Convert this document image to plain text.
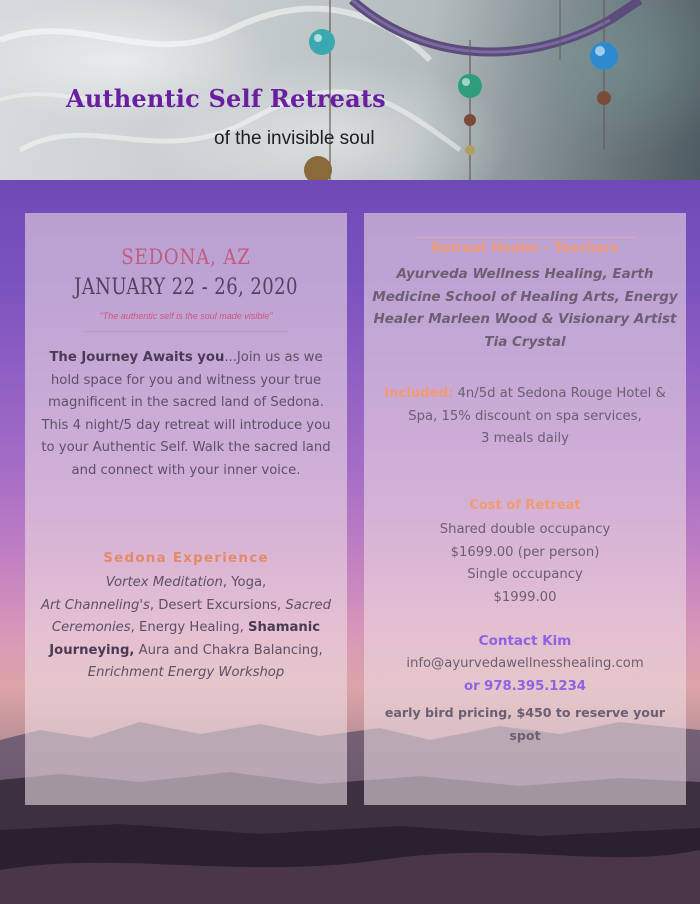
Authentic Self Retreats
of the invisible soul
SEDONA, AZ
JANUARY 22 - 26, 2020
"The authentic self is the soul made visible"
The Journey Awaits you...Join us as we hold space for you and witness your true magnificent in the sacred land of Sedona. This 4 night/5 day retreat will introduce you to your Authentic Self. Walk the sacred land and connect with your inner voice.
Sedona Experience
Vortex Meditation, Yoga,
Art Channeling's, Desert Excursions, Sacred Ceremonies, Energy Healing, Shamanic Journeying, Aura and Chakra Balancing, Enrichment Energy Workshop
Retreat Healer - Teachers
Ayurveda Wellness Healing, Earth Medicine School of Healing Arts, Energy Healer Marleen Wood & Visionary Artist Tia Crystal
Included: 4n/5d at Sedona Rouge Hotel & Spa, 15% discount on spa services,
3 meals daily
Cost of Retreat
Shared double occupancy
$1699.00 (per person)
Single occupancy
$1999.00
Contact Kim
info@ayurvedawellnesshealing.com
or 978.395.1234
early bird pricing, $450 to reserve your spot
